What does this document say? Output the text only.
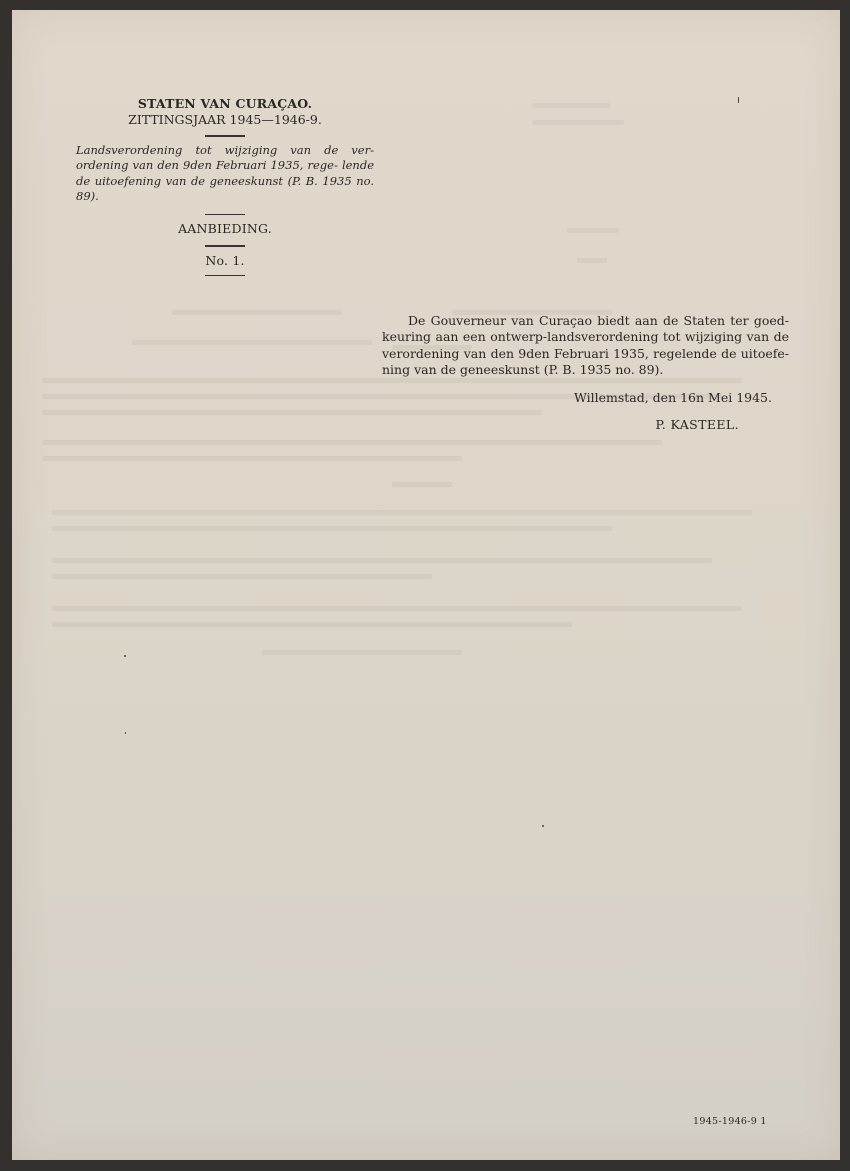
STATEN VAN CURAÇAO.
ZITTINGSJAAR 1945—1946-9.
Landsverordening tot wijziging van de ver- ordening van den 9den Februari 1935, rege- lende de uitoefening van de geneeskunst (P. B. 1935 no. 89).
AANBIEDING.
No. 1.

De Gouverneur van Curaçao biedt aan de Staten ter goed- keuring aan een ontwerp-landsverordening tot wijziging van de verordening van den 9den Februari 1935, regelende de uitoefe- ning van de geneeskunst (P. B. 1935 no. 89).

Willemstad, den 16n Mei 1945.
P. KASTEEL.
1945-1946-9 1
